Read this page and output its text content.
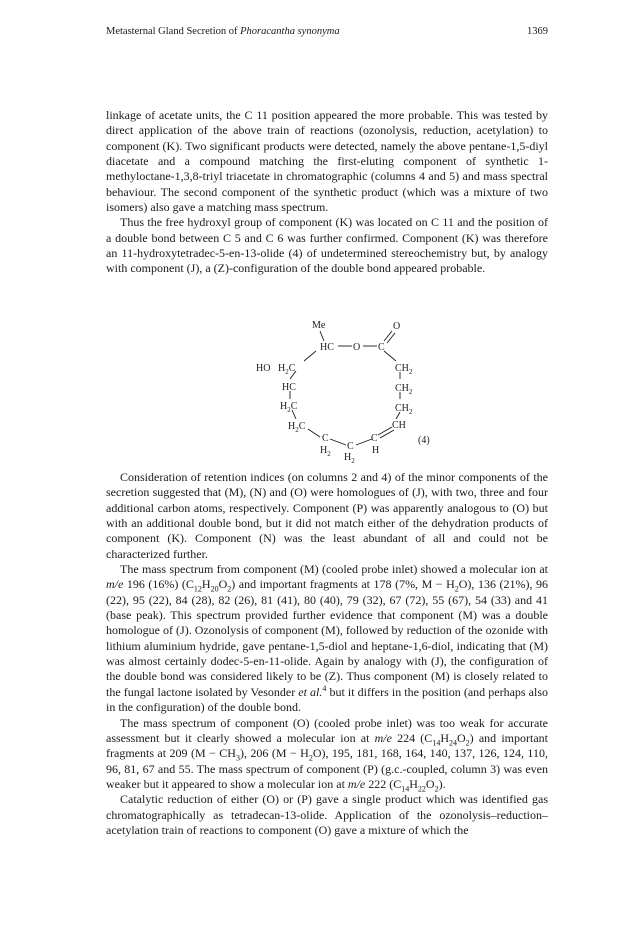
Metasternal Gland Secretion of Phoracantha synonyma	1369

linkage of acetate units, the C 11 position appeared the more probable. This was tested by direct application of the above train of reactions (ozonolysis, reduction, acetylation) to component (K). Two significant products were detected, namely the above pentane-1,5-diyl diacetate and a compound matching the first-eluting component of synthetic 1-methyloctane-1,3,8-triyl triacetate in chromatographic (columns 4 and 5) and mass spectral behaviour. The second component of the synthetic product (which was a mixture of two isomers) also gave a matching mass spectrum.

Thus the free hydroxyl group of component (K) was located on C 11 and the position of a double bond between C 5 and C 6 was further confirmed. Component (K) was therefore an 11-hydroxytetradec-5-en-13-olide (4) of undetermined stereochemistry but, by analogy with component (J), a (Z)-configuration of the double bond appeared probable.

Me
HC O C
O
HO $H_2C$	$CH_2$
HC	$CH_2$
$H_2C$	$CH_2$
$H_2C$	CH
C
$H_2$
C
$H_2$
C
H
(4)

Consideration of retention indices (on columns 2 and 4) of the minor components of the secretion suggested that (M), (N) and (O) were homologues of (J), with two, three and four additional carbon atoms, respectively. Component (P) was apparently analogous to (O) but with an additional double bond, but it did not match either of the dehydration products of component (K). Component (N) was the least abundant of all and could not be characterized further.

The mass spectrum from component (M) (cooled probe inlet) showed a molecular ion at m/e 196 (16%) $(C_{12}H_{20}O_2)$ and important fragments at 178 (7%, $M - H_2O$), 136 (21%), 96 (22), 95 (22), 84 (28), 82 (26), 81 (41), 80 (40), 79 (32), 67 (72), 55 (67), 54 (33) and 41 (base peak). This spectrum provided further evidence that component (M) was a double homologue of (J). Ozonolysis of component (M), followed by reduction of the ozonide with lithium aluminium hydride, gave pentane-1,5-diol and heptane-1,6-diol, indicating that (M) was almost certainly dodec-5-en-11-olide. Again by analogy with (J), the configuration of the double bond was considered likely to be (Z). Thus component (M) is closely related to the fungal lactone isolated by Vesonder et al.$^4$ but it differs in the position (and perhaps also in the configuration) of the double bond.

The mass spectrum of component (O) (cooled probe inlet) was too weak for accurate assessment but it clearly showed a molecular ion at m/e 224 $(C_{14}H_{24}O_2)$ and important fragments at 209 $(M - CH_3)$, 206 $(M - H_2O)$, 195, 181, 168, 164, 140, 137, 126, 124, 110, 96, 81, 67 and 55. The mass spectrum of component (P) (g.c.-coupled, column 3) was even weaker but it appeared to show a molecular ion at m/e 222 $(C_{14}H_{22}O_2)$.

Catalytic reduction of either (O) or (P) gave a single product which was identified gas chromatographically as tetradecan-13-olide. Application of the ozonolysis–reduction–acetylation train of reactions to component (O) gave a mixture of which the
